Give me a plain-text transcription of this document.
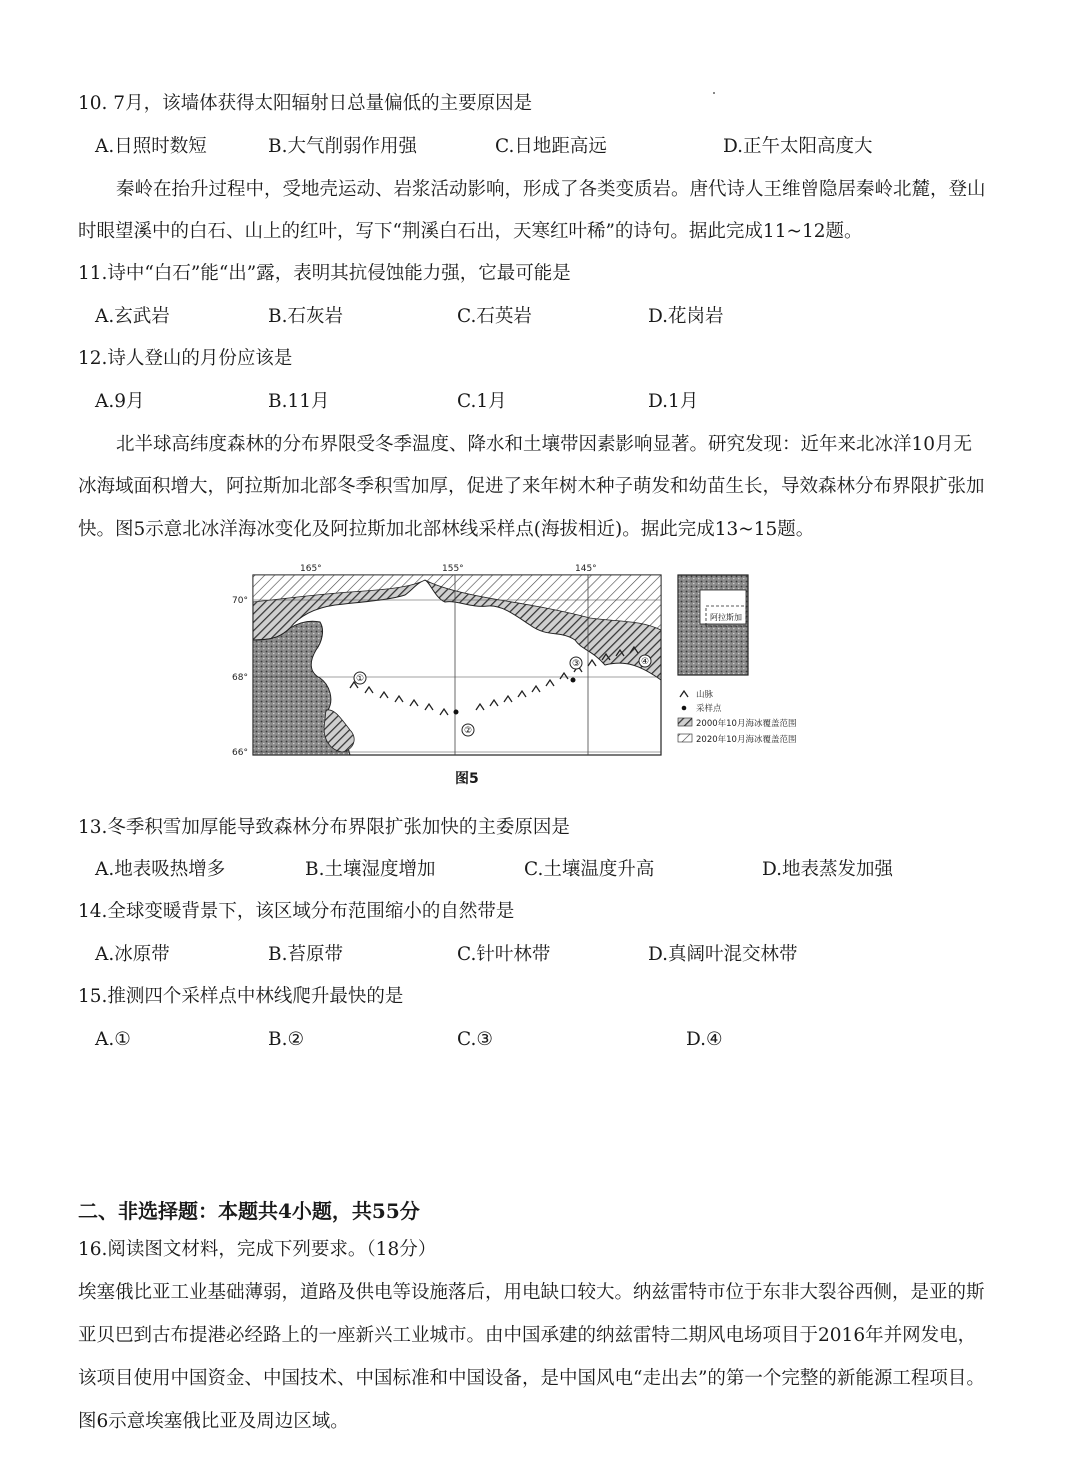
10. 7月，该墙体获得太阳辐射日总量偏低的主要原因是
A.日照时数短	B.大气削弱作用强	C.日地距高远	D.正午太阳高度大
秦岭在抬升过程中，受地壳运动、岩浆活动影响，形成了各类变质岩。唐代诗人王维曾隐居秦岭北麓，登山
时眼望溪中的白石、山上的红叶，写下“荆溪白石出，天寒红叶稀”的诗句。据此完成11~12题。
11.诗中“白石”能“出”露，表明其抗侵蚀能力强，它最可能是
A.玄武岩	B.石灰岩	C.石英岩	D.花岗岩
12.诗人登山的月份应该是
A.9月	B.11月	C.1月	D.1月
北半球高纬度森林的分布界限受冬季温度、降水和土壤带因素影响显著。研究发现：近年来北冰洋10月无
冰海域面积增大，阿拉斯加北部冬季积雪加厚，促进了来年树木种子萌发和幼苗生长，导效森林分布界限扩张加
快。图5示意北冰洋海冰变化及阿拉斯加北部林线采样点(海拔相近)。据此完成13~15题。
①
②
③	④
165°	155°	145°
70°
68°
66°
阿拉斯加
山脉
采样点
2000年10月海冰覆盖范围
2020年10月海冰覆盖范围
图5
13.冬季积雪加厚能导致森林分布界限扩张加快的主委原因是
A.地表吸热增多	B.土壤湿度增加	C.土壤温度升高	D.地表蒸发加强
14.全球变暖背景下，该区域分布范围缩小的自然带是
A.冰原带	B.苔原带	C.针叶林带	D.真阔叶混交林带
15.推测四个采样点中林线爬升最快的是
A.①	B.②	C.③	D.④
二、非选择题：本题共4小题，共55分
16.阅读图文材料，完成下列要求。（18分）
埃塞俄比亚工业基础薄弱，道路及供电等设施落后，用电缺口较大。纳兹雷特市位于东非大裂谷西侧，是亚的斯
亚贝巴到古布提港必经路上的一座新兴工业城市。由中国承建的纳兹雷特二期风电场项目于2016年并网发电，
该项目使用中国资金、中国技术、中国标准和中国设备，是中国风电“走出去”的第一个完整的新能源工程项目。
图6示意埃塞俄比亚及周边区域。
